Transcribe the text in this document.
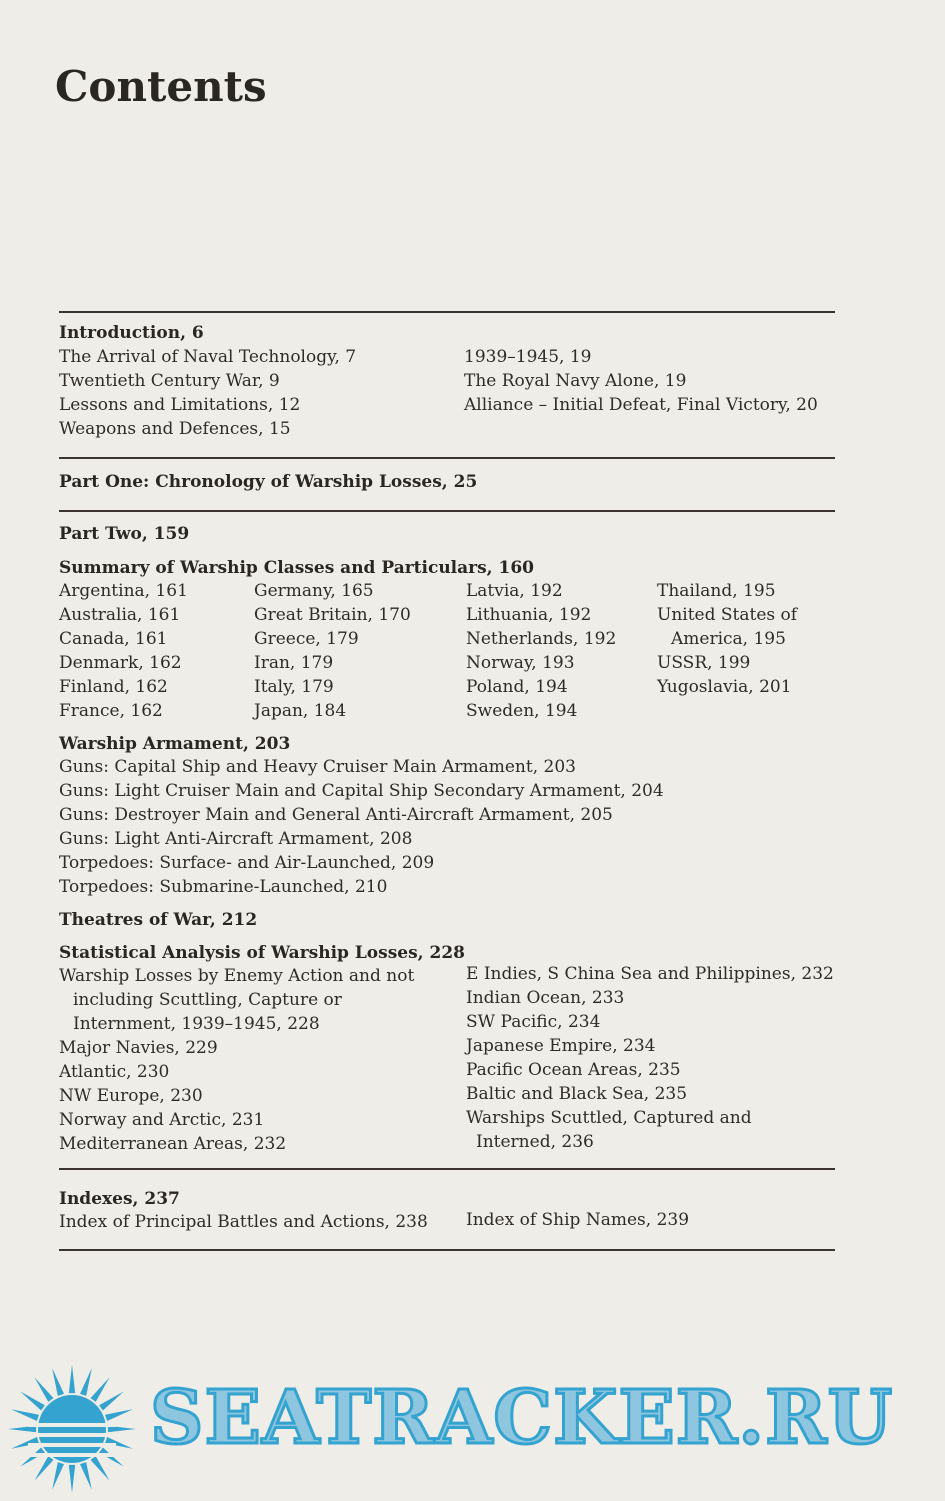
Contents
Introduction, 6
The Arrival of Naval Technology, 7
Twentieth Century War, 9
Lessons and Limitations, 12
Weapons and Defences, 15
1939–1945, 19
The Royal Navy Alone, 19
Alliance – Initial Defeat, Final Victory, 20
Part One: Chronology of Warship Losses, 25
Part Two, 159
Summary of Warship Classes and Particulars, 160
Argentina, 161
Australia, 161
Canada, 161
Denmark, 162
Finland, 162
France, 162
Germany, 165
Great Britain, 170
Greece, 179
Iran, 179
Italy, 179
Japan, 184
Latvia, 192
Lithuania, 192
Netherlands, 192
Norway, 193
Poland, 194
Sweden, 194
Thailand, 195
United States of
America, 195
USSR, 199
Yugoslavia, 201
Warship Armament, 203
Guns: Capital Ship and Heavy Cruiser Main Armament, 203
Guns: Light Cruiser Main and Capital Ship Secondary Armament, 204
Guns: Destroyer Main and General Anti-Aircraft Armament, 205
Guns: Light Anti-Aircraft Armament, 208
Torpedoes: Surface- and Air-Launched, 209
Torpedoes: Submarine-Launched, 210
Theatres of War, 212
Statistical Analysis of Warship Losses, 228
Warship Losses by Enemy Action and not
including Scuttling, Capture or
Internment, 1939–1945, 228
Major Navies, 229
Atlantic, 230
NW Europe, 230
Norway and Arctic, 231
Mediterranean Areas, 232
E Indies, S China Sea and Philippines, 232
Indian Ocean, 233
SW Pacific, 234
Japanese Empire, 234
Pacific Ocean Areas, 235
Baltic and Black Sea, 235
Warships Scuttled, Captured and
Interned, 236
Indexes, 237
Index of Principal Battles and Actions, 238 Index of Ship Names, 239
SEATRACKER.RU
